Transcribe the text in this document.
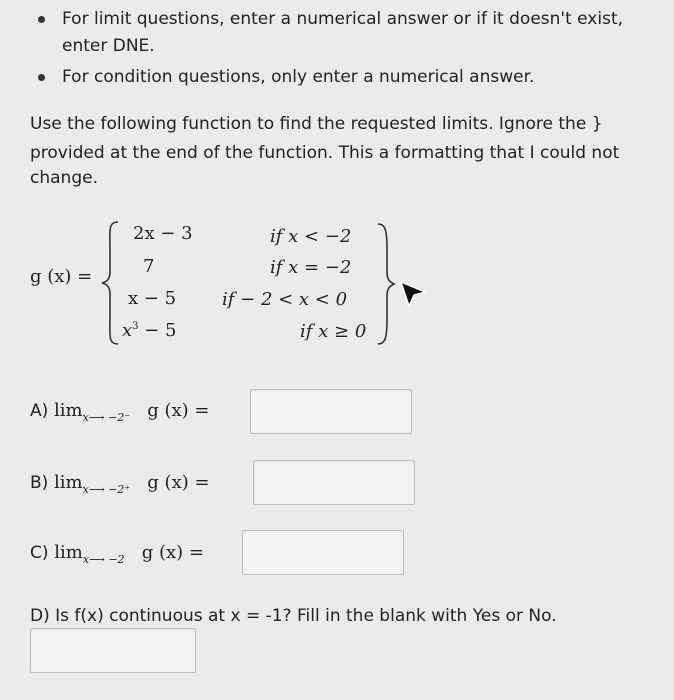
For limit questions, enter a numerical answer or if it doesn't exist,
enter DNE.
For condition questions, only enter a numerical answer.
Use the following function to find the requested limits. Ignore the }
provided at the end of the function. This a formatting that I could not
change.
g (x) =
2x − 3	if x < −2
7	if x = −2
x − 5	if − 2 < x < 0
$x^3 - 5$	if x ≥ 0
A) $\lim_{x⟶ -2^-} g$ (x) =
B) $\lim_{x⟶ -2^+} g$ (x) =
C) $\lim_{x⟶ -2} g$ (x) =
D) Is f(x) continuous at x = -1? Fill in the blank with Yes or No.
